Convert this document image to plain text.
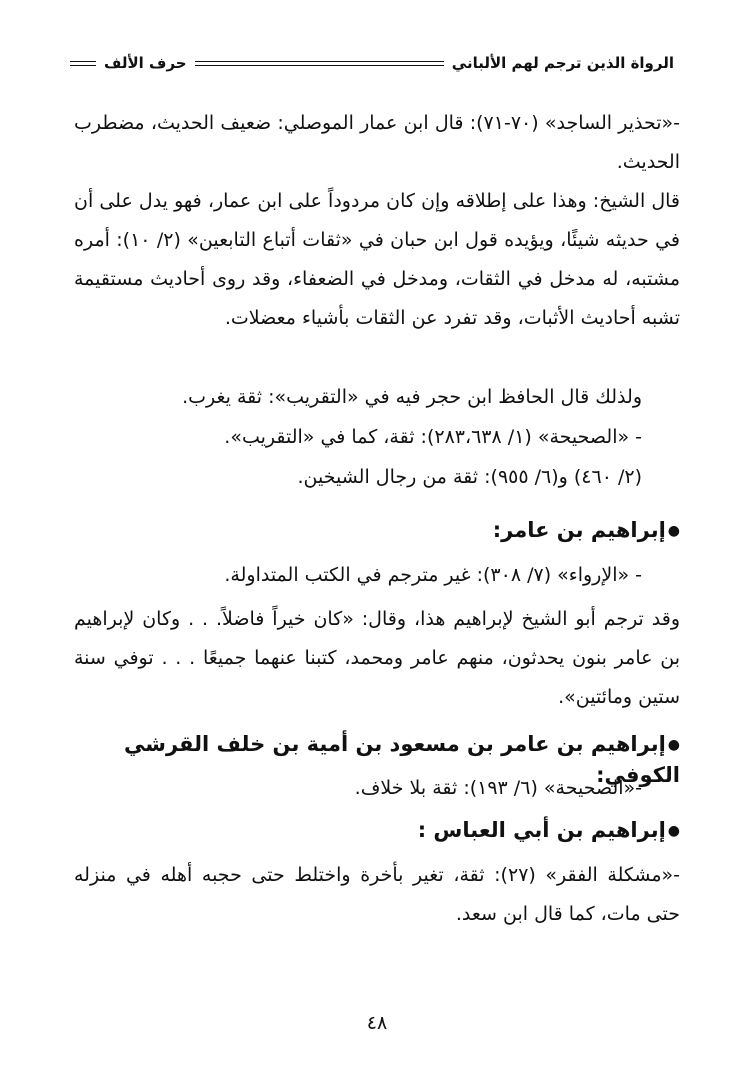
الرواة الذين ترجم لهم الألباني
حرف الألف
-«تحذير الساجد» (٧٠-٧١): قال ابن عمار الموصلي: ضعيف الحديث، مضطرب الحديث.
قال الشيخ: وهذا على إطلاقه وإن كان مردوداً على ابن عمار، فهو يدل على أن في حديثه شيئًا، ويؤيده قول ابن حبان في «ثقات أتباع التابعين» (٢/ ١٠): أمره مشتبه، له مدخل في الثقات، ومدخل في الضعفاء، وقد روى أحاديث مستقيمة تشبه أحاديث الأثبات، وقد تفرد عن الثقات بأشياء معضلات.
ولذلك قال الحافظ ابن حجر فيه في «التقريب»: ثقة يغرب.
- «الصحيحة» (١/ ٢٨٣،٦٣٨): ثقة، كما في «التقريب».
(٢/ ٤٦٠) و(٦/ ٩٥٥): ثقة من رجال الشيخين.
●إبراهيم بن عامر:
- «الإرواء» (٧/ ٣٠٨): غير مترجم في الكتب المتداولة.
وقد ترجم أبو الشيخ لإبراهيم هذا، وقال: «كان خيراً فاضلاً. . . وكان لإبراهيم بن عامر بنون يحدثون، منهم عامر ومحمد، كتبنا عنهما جميعًا . . . توفي سنة ستين ومائتين».
●إبراهيم بن عامر بن مسعود بن أمية بن خلف القرشي الكوفي:
-«الصحيحة» (٦/ ١٩٣): ثقة بلا خلاف.
●إبراهيم بن أبي العباس :
-«مشكلة الفقر» (٢٧): ثقة، تغير بأخرة واختلط حتى حجبه أهله في منزله حتى مات، كما قال ابن سعد.
٤٨
